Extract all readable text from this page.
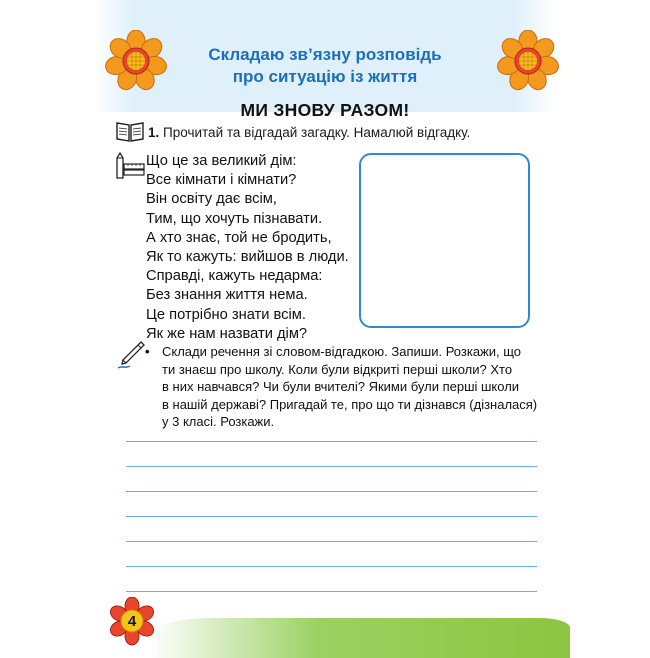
Складаю зв’язну розповідь
про ситуацію із життя
МИ ЗНОВУ РАЗОМ!
1. Прочитай та відгадай загадку. Намалюй відгадку.
Що це за великий дім:
Все кімнати і кімнати?
Він освіту дає всім,
Тим, що хочуть пізнавати.
А хто знає, той не бродить,
Як то кажуть: вийшов в люди.
Справді, кажуть недарма:
Без знання життя нема.
Це потрібно знати всім.
Як же нам назвати дім?
• Склади речення зі словом-відгадкою. Запиши. Розкажи, що
ти знаєш про школу. Коли були відкриті перші школи? Хто
в них навчався? Чи були вчителі? Якими були перші школи
в нашій державі? Пригадай те, про що ти дізнався (дізналася)
у 3 класі. Розкажи.
4
